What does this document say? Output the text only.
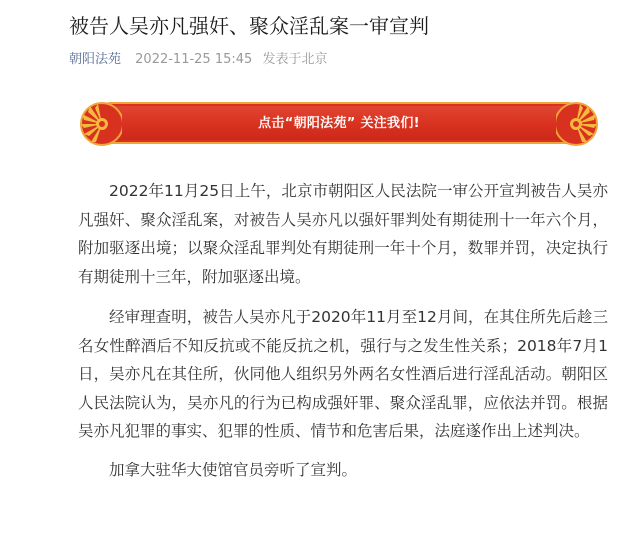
被告人吴亦凡强奸、聚众淫乱案一审宣判
朝阳法苑 2022-11-25 15:45 发表于北京
点击“朝阳法苑” 关注我们!

2022年11月25日上午，北京市朝阳区人民法院一审公开宣判被告人吴亦凡强奸、聚众淫乱案，对被告人吴亦凡以强奸罪判处有期徒刑十一年六个月，附加驱逐出境；以聚众淫乱罪判处有期徒刑一年十个月，数罪并罚，决定执行有期徒刑十三年，附加驱逐出境。

经审理查明，被告人吴亦凡于2020年11月至12月间，在其住所先后趁三名女性醉酒后不知反抗或不能反抗之机，强行与之发生性关系；2018年7月1日，吴亦凡在其住所，伙同他人组织另外两名女性酒后进行淫乱活动。朝阳区人民法院认为，吴亦凡的行为已构成强奸罪、聚众淫乱罪，应依法并罚。根据吴亦凡犯罪的事实、犯罪的性质、情节和危害后果，法庭遂作出上述判决。

加拿大驻华大使馆官员旁听了宣判。
